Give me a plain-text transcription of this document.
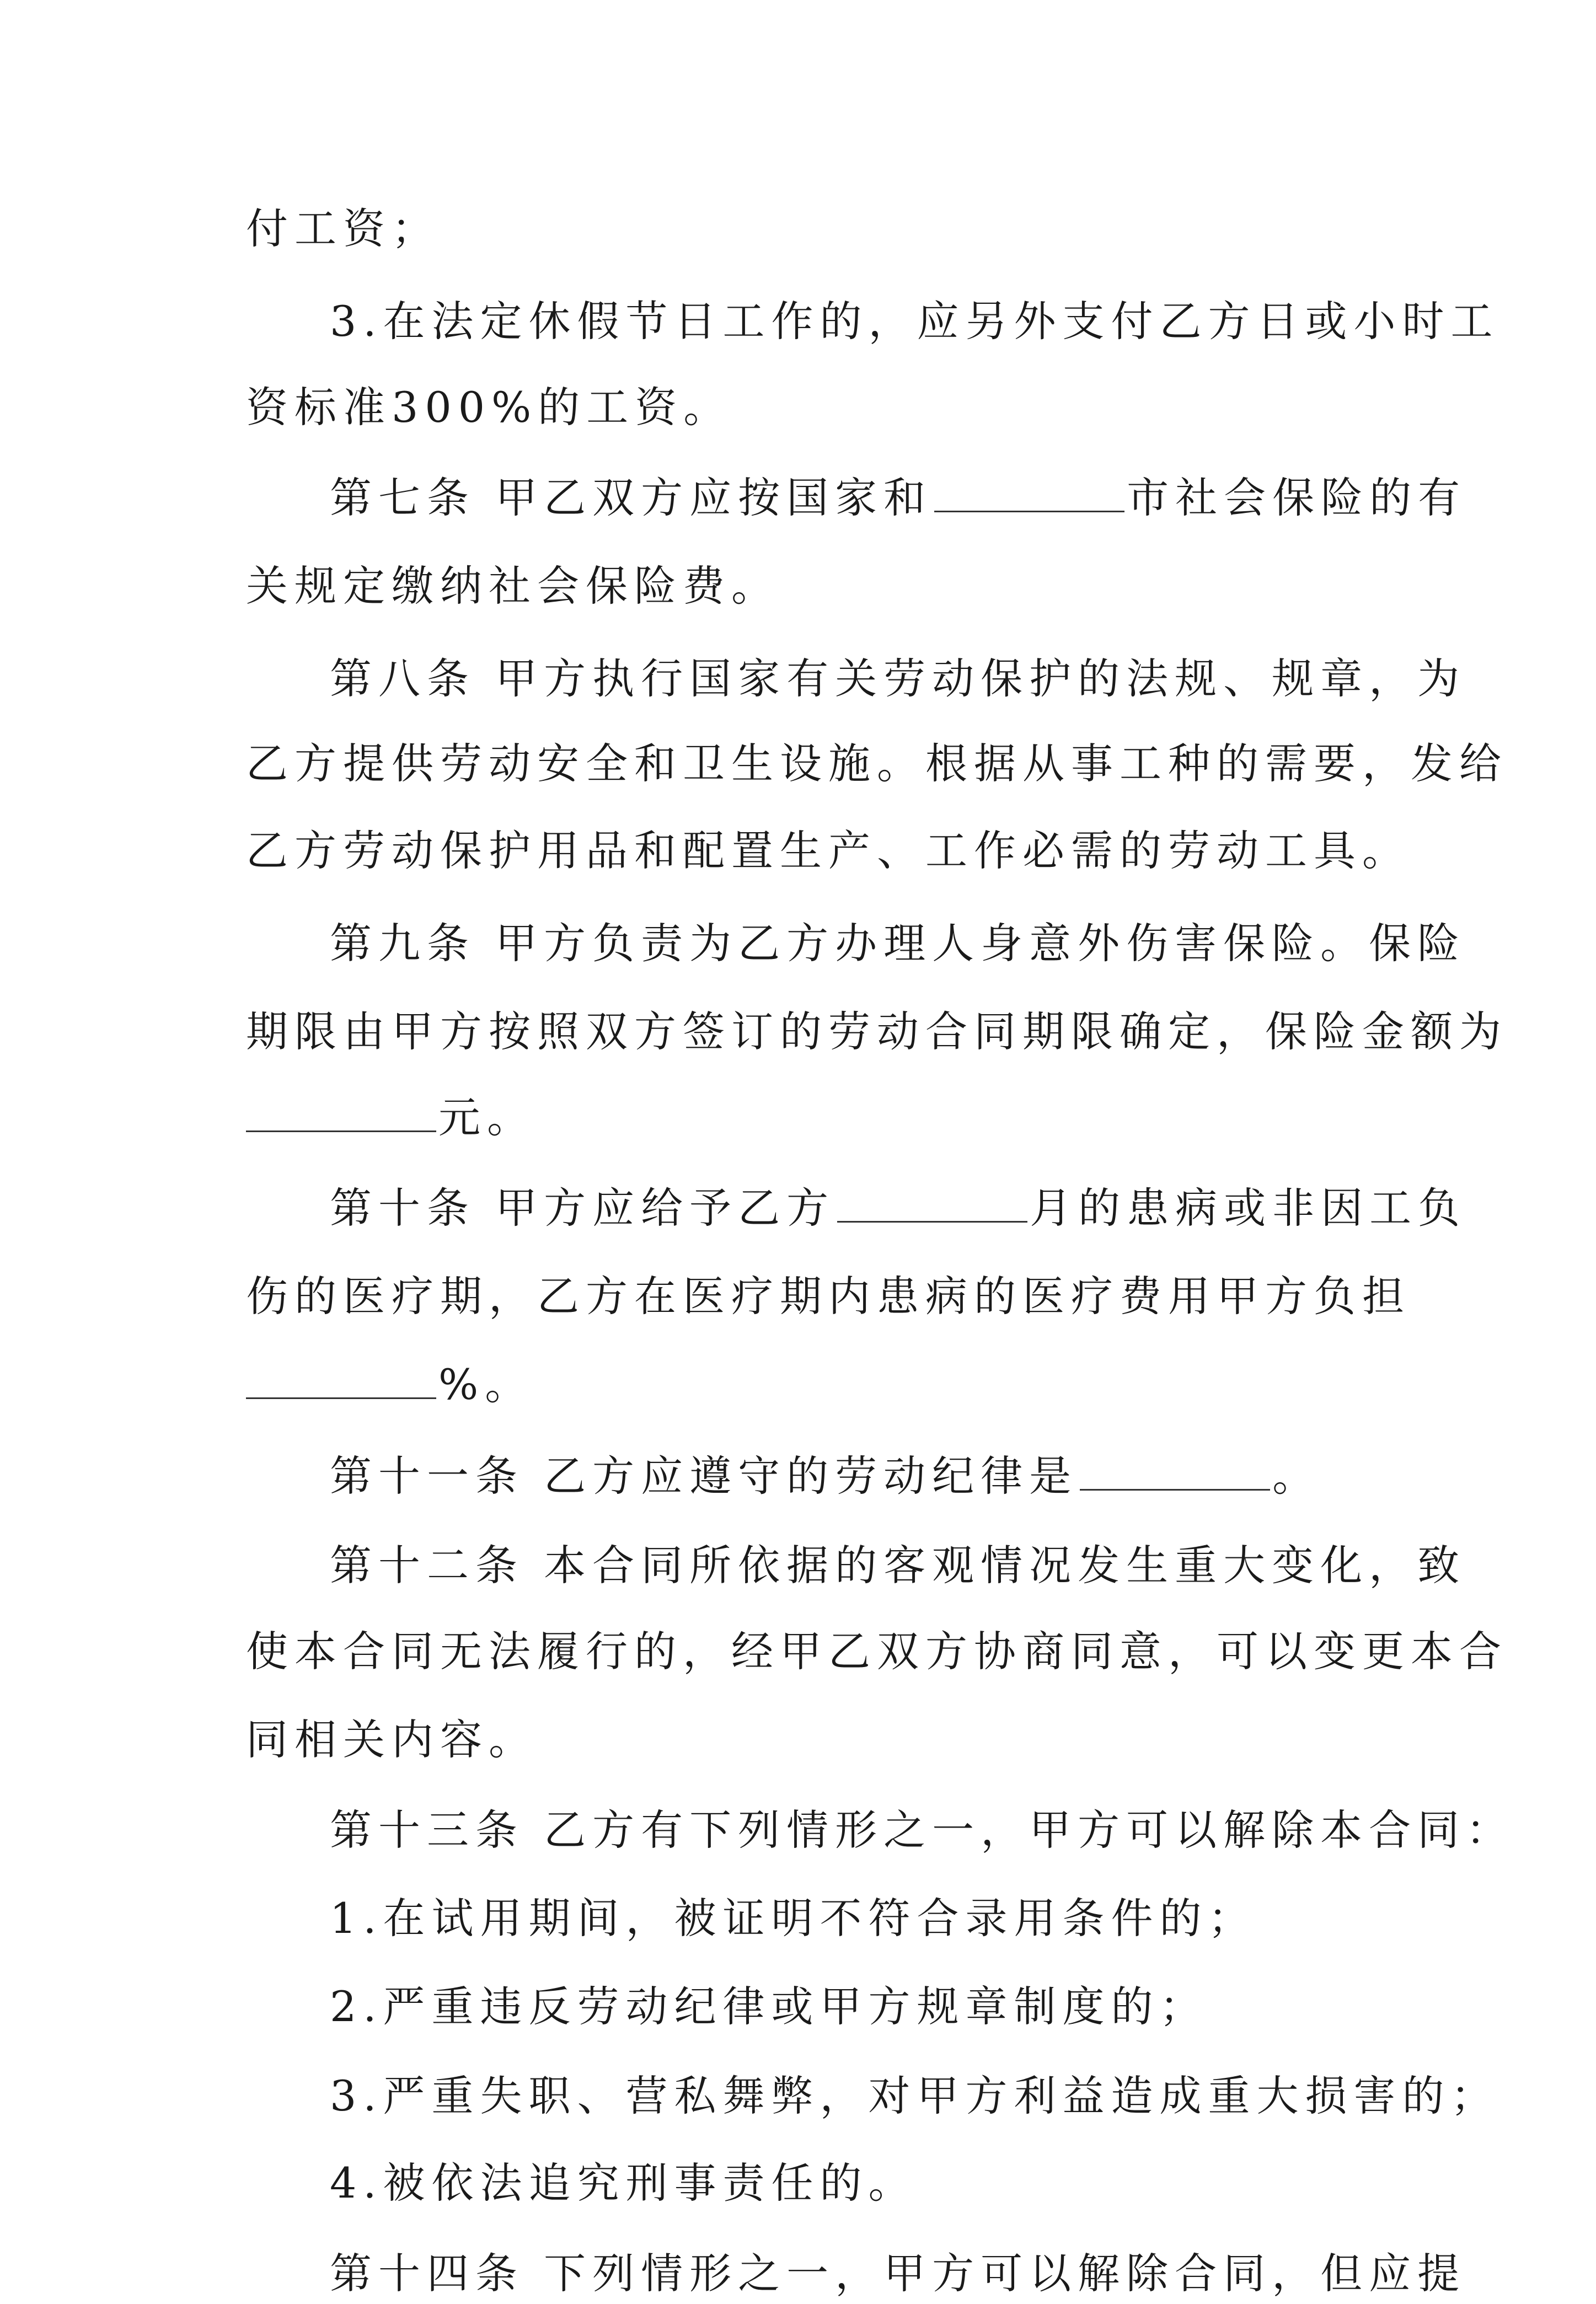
付工资；
3.在法定休假节日工作的，应另外支付乙方日或小时工
资标准300%的工资。
第七条 甲乙双方应按国家和	市社会保险的有
关规定缴纳社会保险费。
第八条 甲方执行国家有关劳动保护的法规、规章，为
乙方提供劳动安全和卫生设施。根据从事工种的需要，发给
乙方劳动保护用品和配置生产、工作必需的劳动工具。
第九条 甲方负责为乙方办理人身意外伤害保险。保险
期限由甲方按照双方签订的劳动合同期限确定，保险金额为
元。
第十条 甲方应给予乙方	月的患病或非因工负
伤的医疗期，乙方在医疗期内患病的医疗费用甲方负担
%。
第十一条 乙方应遵守的劳动纪律是	。
第十二条 本合同所依据的客观情况发生重大变化，致
使本合同无法履行的，经甲乙双方协商同意，可以变更本合
同相关内容。
第十三条 乙方有下列情形之一，甲方可以解除本合同：
1.在试用期间，被证明不符合录用条件的；
2.严重违反劳动纪律或甲方规章制度的；
3.严重失职、营私舞弊，对甲方利益造成重大损害的；
4.被依法追究刑事责任的。
第十四条 下列情形之一，甲方可以解除合同，但应提
